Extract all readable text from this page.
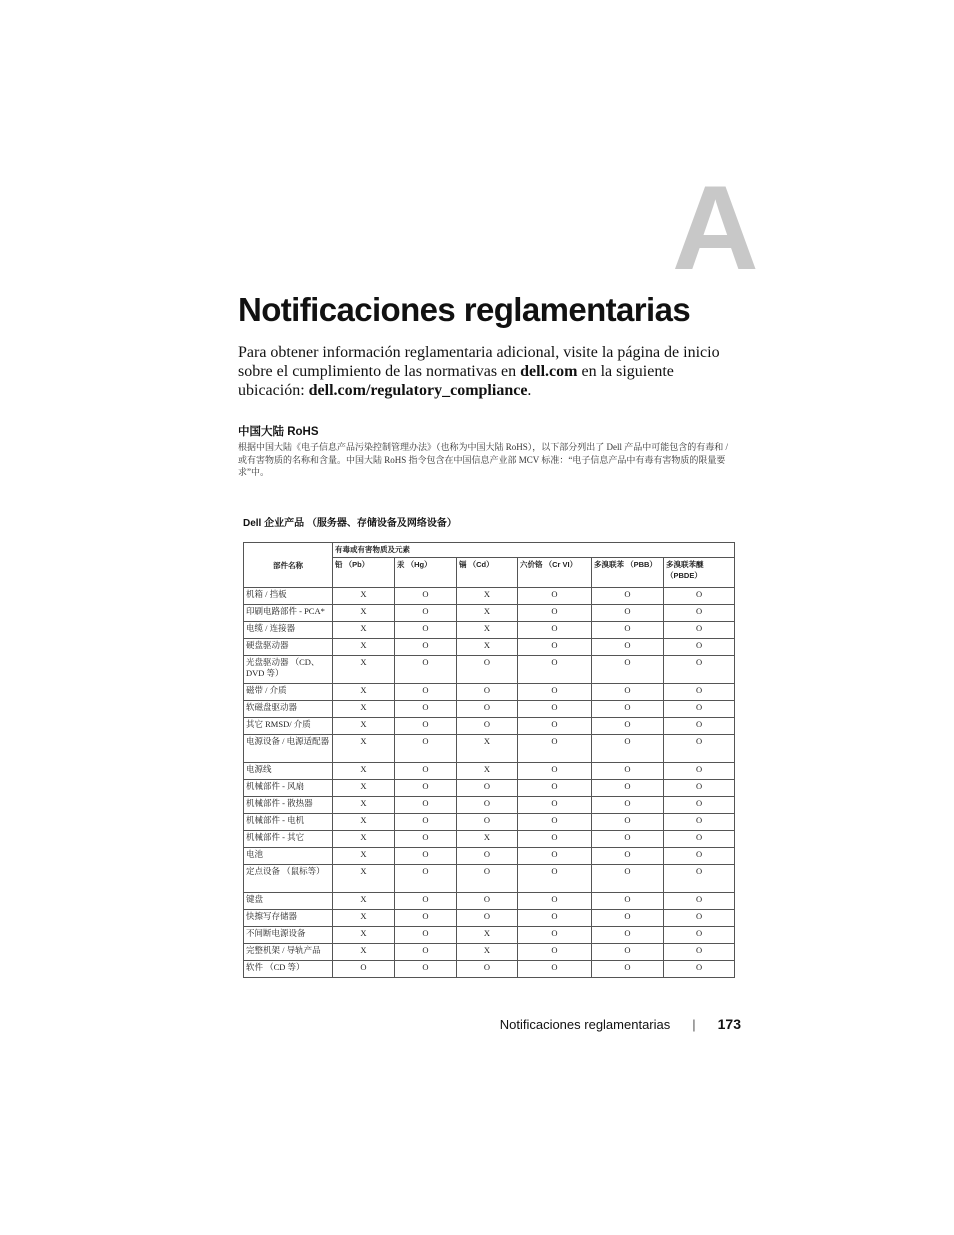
A
Notificaciones reglamentarias

Para obtener información reglamentaria adicional, visite la página de inicio sobre el cumplimiento de las normativas en dell.com en la siguiente ubicación: dell.com/regulatory_compliance.

中国大陆 RoHS

根据中国大陆《电子信息产品污染控制管理办法》（也称为中国大陆 RoHS），以下部分列出了 Dell 产品中可能包含的有毒和 / 或有害物质的名称和含量。中国大陆 RoHS 指令包含在中国信息产业部 MCV 标准：“电子信息产品中有毒有害物质的限量要求”中。

Dell 企业产品 （服务器、存储设备及网络设备）
部件名称	有毒或有害物质及元素					
	铅 （Pb）	汞 （Hg）	镉 （Cd）	六价铬 （Cr VI）	多溴联苯 （PBB）	多溴联苯醚 （PBDE）
机箱 / 挡板	X	O	X	O	O	O
印刷电路部件 - PCA*	X	O	X	O	O	O
电缆 / 连接器	X	O	X	O	O	O
硬盘驱动器	X	O	X	O	O	O
光盘驱动器 （CD、 DVD 等）	X	O	O	O	O	O
磁带 / 介质	X	O	O	O	O	O
软磁盘驱动器	X	O	O	O	O	O
其它 RMSD/ 介质	X	O	O	O	O	O
电源设备 / 电源适配器	X	O	X	O	O	O
电源线	X	O	X	O	O	O
机械部件 - 风扇	X	O	O	O	O	O
机械部件 - 散热器	X	O	O	O	O	O
机械部件 - 电机	X	O	O	O	O	O
机械部件 - 其它	X	O	X	O	O	O
电池	X	O	O	O	O	O
定点设备 （鼠标等）	X	O	O	O	O	O
键盘	X	O	O	O	O	O
快擦写存储器	X	O	O	O	O	O
不间断电源设备	X	O	X	O	O	O
完整机架 / 导轨产品	X	O	X	O	O	O
软件 （CD 等）	O	O	O	O	O	O
Notificaciones reglamentarias | 173
